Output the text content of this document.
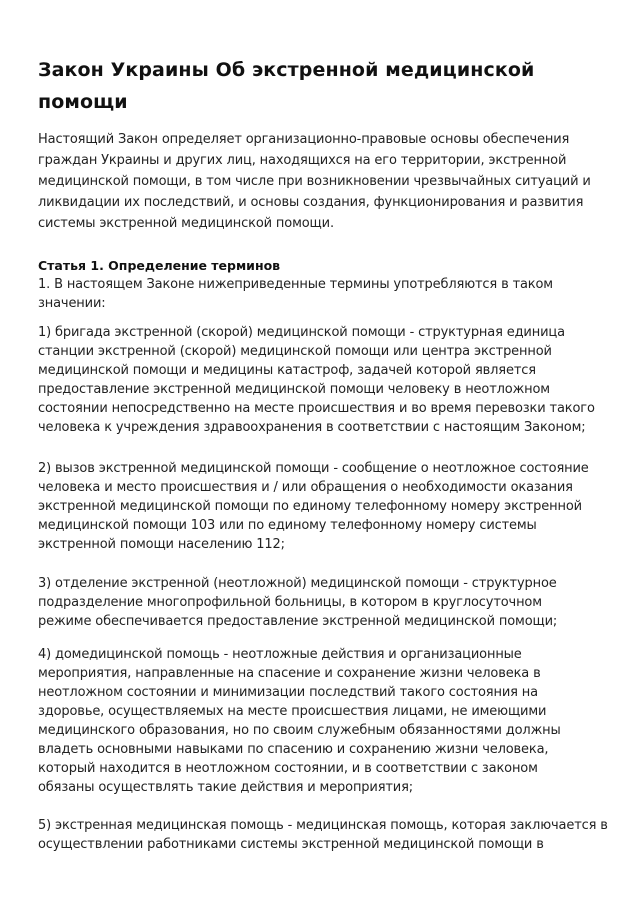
Закон Украины Об экстренной медицинской помощи

Настоящий Закон определяет организационно-правовые основы обеспечения граждан Украины и других лиц, находящихся на его территории, экстренной медицинской помощи, в том числе при возникновении чрезвычайных ситуаций и ликвидации их последствий, и основы создания, функционирования и развития системы экстренной медицинской помощи.

Статья 1. Определение терминов

1. В настоящем Законе нижеприведенные термины употребляются в таком значении:

1) бригада экстренной (скорой) медицинской помощи - структурная единица станции экстренной (скорой) медицинской помощи или центра экстренной медицинской помощи и медицины катастроф, задачей которой является предоставление экстренной медицинской помощи человеку в неотложном состоянии непосредственно на месте происшествия и во время перевозки такого человека к учреждения здравоохранения в соответствии с настоящим Законом;

2) вызов экстренной медицинской помощи - сообщение о неотложное состояние человека и место происшествия и / или обращения о необходимости оказания экстренной медицинской помощи по единому телефонному номеру экстренной медицинской помощи 103 или по единому телефонному номеру системы экстренной помощи населению 112;

3) отделение экстренной (неотложной) медицинской помощи - структурное подразделение многопрофильной больницы, в котором в круглосуточном режиме обеспечивается предоставление экстренной медицинской помощи;

4) домедицинской помощь - неотложные действия и организационные мероприятия, направленные на спасение и сохранение жизни человека в неотложном состоянии и минимизации последствий такого состояния на здоровье, осуществляемых на месте происшествия лицами, не имеющими медицинского образования, но по своим служебным обязанностями должны владеть основными навыками по спасению и сохранению жизни человека, который находится в неотложном состоянии, и в соответствии с законом обязаны осуществлять такие действия и мероприятия;

5) экстренная медицинская помощь - медицинская помощь, которая заключается в осуществлении работниками системы экстренной медицинской помощи в
